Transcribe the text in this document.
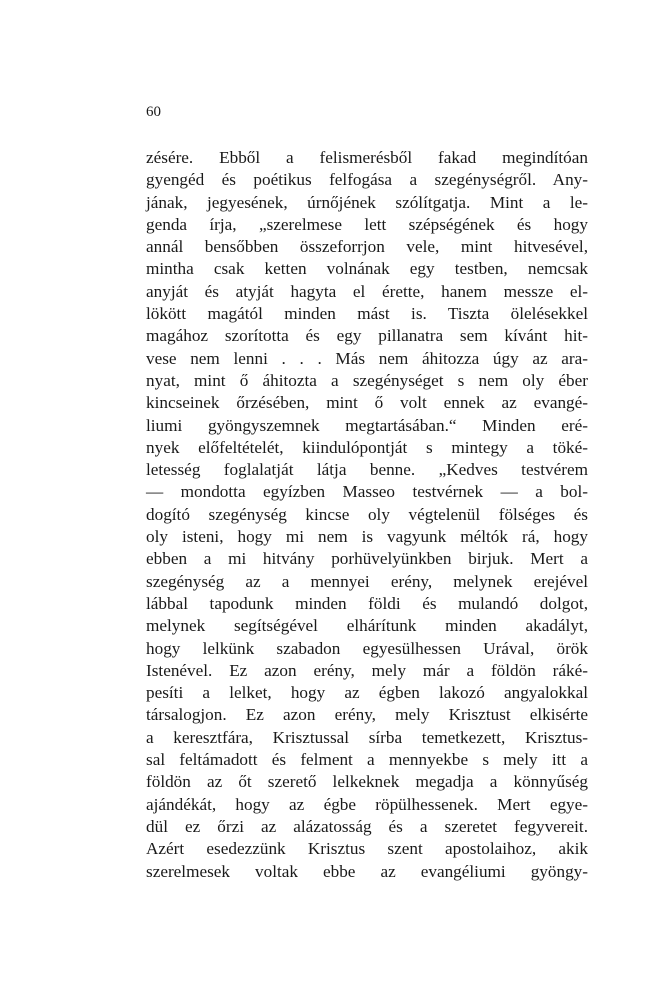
60
zésére. Ebből a felismerésből fakad megindítóan
gyengéd és poétikus felfogása a szegénységről. Any-
jának, jegyesének, úrnőjének szólítgatja. Mint a le-
genda írja, „szerelmese lett szépségének és hogy
annál bensőbben összeforrjon vele, mint hitvesével,
mintha csak ketten volnának egy testben, nemcsak
anyját és atyját hagyta el érette, hanem messze el-
lökött magától minden mást is. Tiszta ölelésekkel
magához szorította és egy pillanatra sem kívánt hit-
vese nem lenni . . . Más nem áhitozza úgy az ara-
nyat, mint ő áhitozta a szegénységet s nem oly éber
kincseinek őrzésében, mint ő volt ennek az evangé-
liumi gyöngyszemnek megtartásában.“ Minden eré-
nyek előfeltételét, kiindulópontját s mintegy a töké-
letesség foglalatját látja benne. „Kedves testvérem
— mondotta egyízben Masseo testvérnek — a bol-
dogító szegénység kincse oly végtelenül fölséges és
oly isteni, hogy mi nem is vagyunk méltók rá, hogy
ebben a mi hitvány porhüvelyünkben birjuk. Mert a
szegénység az a mennyei erény, melynek erejével
lábbal tapodunk minden földi és mulandó dolgot,
melynek segítségével elhárítunk minden akadályt,
hogy lelkünk szabadon egyesülhessen Urával, örök
Istenével. Ez azon erény, mely már a földön ráké-
pesíti a lelket, hogy az égben lakozó angyalokkal
társalogjon. Ez azon erény, mely Krisztust elkisérte
a keresztfára, Krisztussal sírba temetkezett, Krisztus-
sal feltámadott és felment a mennyekbe s mely itt a
földön az őt szerető lelkeknek megadja a könnyűség
ajándékát, hogy az égbe röpülhessenek. Mert egye-
dül ez őrzi az alázatosság és a szeretet fegyvereit.
Azért esedezzünk Krisztus szent apostolaihoz, akik
szerelmesek voltak ebbe az evangéliumi gyöngy-
